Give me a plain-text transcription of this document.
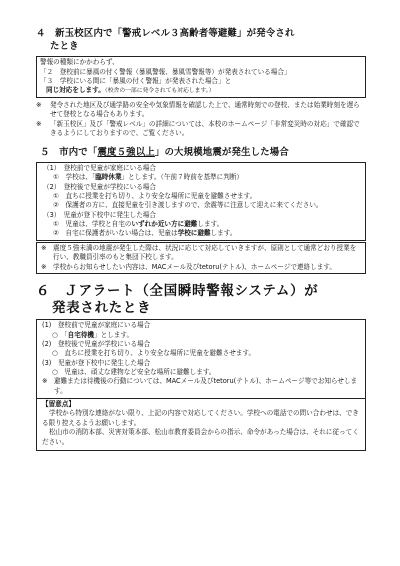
４　新玉校区内で「警戒レベル３高齢者等避難」が発令され
たとき
警報の種類にかかわらず、
「２　登校前に暴風の付く警報（暴風警報、暴風雪警報等）が発表されている場合」
「３　学校にいる間に「暴風の付く警報」が発表された場合」と
同じ対応をします。（校舎の一部に発令されても対応します。）
※	発令された地区及び通学路の安全や気象情報を確認した上で、通常時刻での登校、または始業時刻を遅らせて登校となる場合もあります。
※	「新玉校区」及び「警戒レベル」の詳細については、本校のホームページ「非常変災時の対応」で確認できるようにしておりますので、ご覧ください。
５　市内で「震度５強以上」の大規模地震が発生した場合
（1）　登校前で児童が家庭にいる場合
①　学校は、「臨時休業」とします。（午前７時前を基準に判断）
（2）　登校後で児童が学校にいる場合
①　直ちに授業を打ち切り、より安全な場所に児童を避難させます。
②　保護者の方に、直接児童を引き渡しますので、余震等に注意して迎えに来てください。
（3）　児童が登下校中に発生した場合
①　児童は、学校と自宅のいずれか近い方に避難します。
②　自宅に保護者がいない場合は、児童は学校に避難します。
※ 震度５強未満の地震が発生した際は、状況に応じて対応していきますが、原則として通常どおり授業を行い、教職員引率のもと集団下校します。
※ 学校からお知らせしたい内容は、MACメール及びtetoru(テトル)、ホームページで連絡します。
６　Ｊアラート（全国瞬時警報システム）が
発表されたとき
(1)　登校前で児童が家庭にいる場合
○　「自宅待機」とします。
(2)　登校後で児童が学校にいる場合
○　直ちに授業を打ち切り、より安全な場所に児童を避難させます。
(3)　児童が登下校中に発生した場合
○　児童は、頑丈な建物など安全な場所に避難します。
※ 避難または待機後の行動については、MACメール及びtetoru(テトル)、ホームページ等でお知らせします。
【留意点】
学校から特別な連絡がない限り、上記の内容で対応してください。学校への電話での問い合わせは、できる限り控えるようお願いします。
松山市の消防本部、災害対策本部、松山市教育委員会からの指示、命令があった場合は、それに従ってください。
